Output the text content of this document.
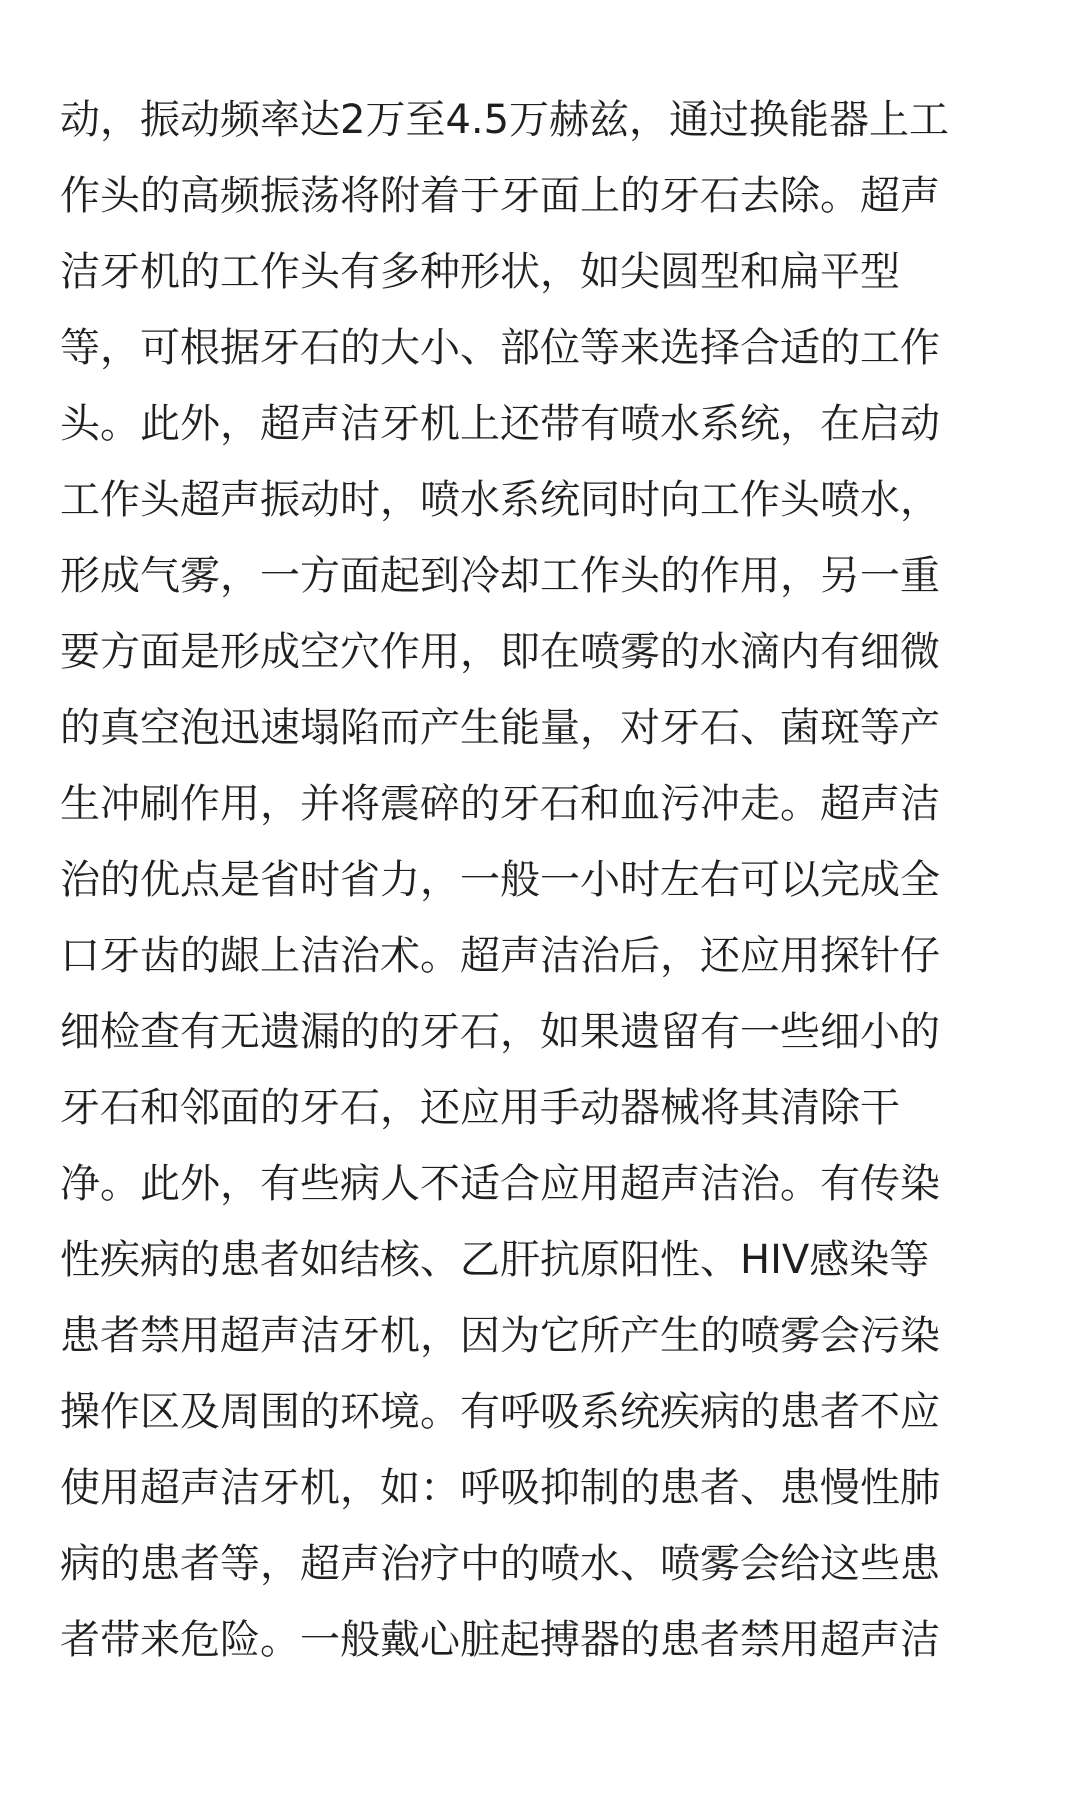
动，振动频率达2万至4.5万赫兹，通过换能器上工
作头的高频振荡将附着于牙面上的牙石去除。超声
洁牙机的工作头有多种形状，如尖圆型和扁平型
等，可根据牙石的大小、部位等来选择合适的工作
头。此外，超声洁牙机上还带有喷水系统，在启动
工作头超声振动时，喷水系统同时向工作头喷水，
形成气雾，一方面起到冷却工作头的作用，另一重
要方面是形成空穴作用，即在喷雾的水滴内有细微
的真空泡迅速塌陷而产生能量，对牙石、菌斑等产
生冲刷作用，并将震碎的牙石和血污冲走。超声洁
治的优点是省时省力，一般一小时左右可以完成全
口牙齿的龈上洁治术。超声洁治后，还应用探针仔
细检查有无遗漏的的牙石，如果遗留有一些细小的
牙石和邻面的牙石，还应用手动器械将其清除干
净。此外，有些病人不适合应用超声洁治。有传染
性疾病的患者如结核、乙肝抗原阳性、HIV感染等
患者禁用超声洁牙机，因为它所产生的喷雾会污染
操作区及周围的环境。有呼吸系统疾病的患者不应
使用超声洁牙机，如：呼吸抑制的患者、患慢性肺
病的患者等，超声治疗中的喷水、喷雾会给这些患
者带来危险。一般戴心脏起搏器的患者禁用超声洁
